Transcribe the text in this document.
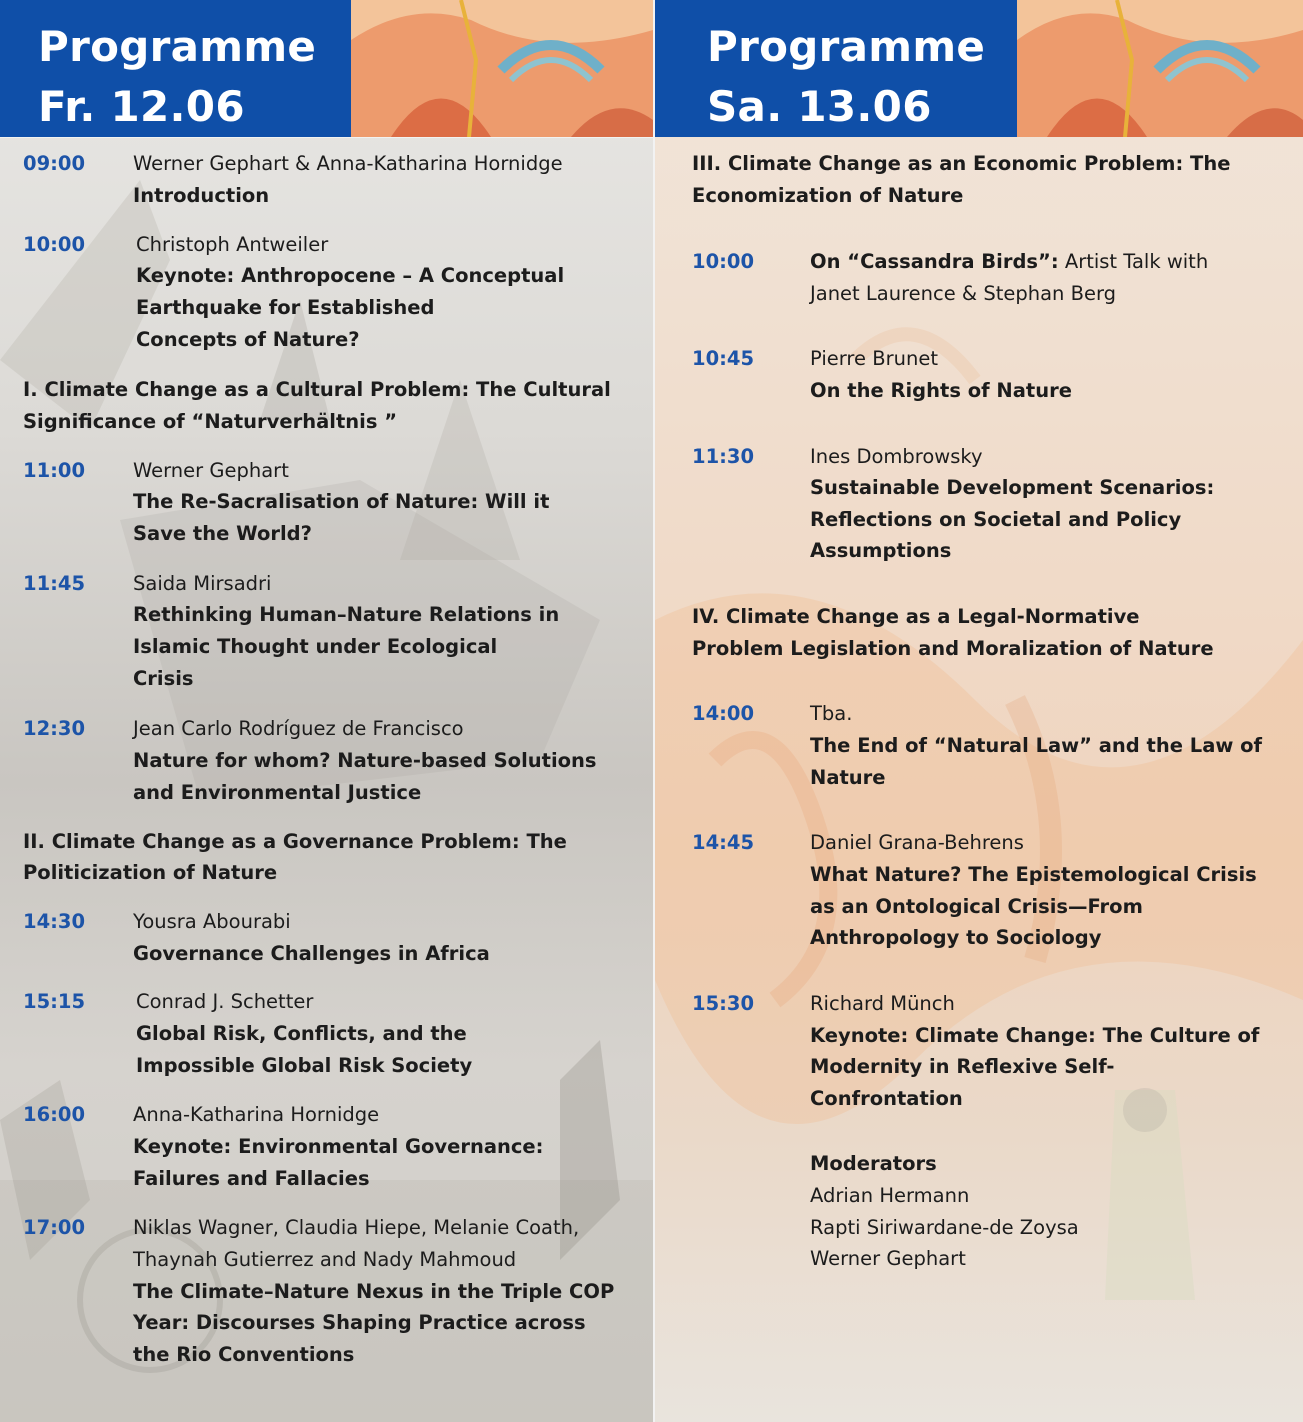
Programme
Fr. 12.06
09:00 Werner Gephart & Anna-Katharina Hornidge
Introduction
10:00	Christoph Antweiler
Keynote: Anthropocene – A Conceptual
Earthquake for Established
Concepts of Nature?
I. Climate Change as a Cultural Problem: The Cultural
Significance of “Naturverhältnis ”
11:00 Werner Gephart
The Re-Sacralisation of Nature: Will it
Save the World?
11:45 Saida Mirsadri
Rethinking Human–Nature Relations in
Islamic Thought under Ecological
Crisis
12:30 Jean Carlo Rodríguez de Francisco
Nature for whom? Nature-based Solutions
and Environmental Justice
II. Climate Change as a Governance Problem: The
Politicization of Nature
14:30 Yousra Abourabi
Governance Challenges in Africa
15:15	Conrad J. Schetter
Global Risk, Conflicts, and the
Impossible Global Risk Society
16:00 Anna-Katharina Hornidge
Keynote: Environmental Governance:
Failures and Fallacies
17:00 Niklas Wagner, Claudia Hiepe, Melanie Coath,
Thaynah Gutierrez and Nady Mahmoud
The Climate–Nature Nexus in the Triple COP
Year: Discourses Shaping Practice across
the Rio Conventions
Programme
Sa. 13.06
III. Climate Change as an Economic Problem: The
Economization of Nature
10:00	On “Cassandra Birds”: Artist Talk with
Janet Laurence & Stephan Berg
10:45	Pierre Brunet
On the Rights of Nature
11:30	Ines Dombrowsky
Sustainable Development Scenarios:
Reflections on Societal and Policy
Assumptions
IV. Climate Change as a Legal-Normative
Problem Legislation and Moralization of Nature
14:00	Tba.
The End of “Natural Law” and the Law of
Nature
14:45	Daniel Grana-Behrens
What Nature? The Epistemological Crisis
as an Ontological Crisis—From
Anthropology to Sociology
15:30	Richard Münch
Keynote: Climate Change: The Culture of
Modernity in Reflexive Self-
Confrontation
Moderators
Adrian Hermann
Rapti Siriwardane-de Zoysa
Werner Gephart
